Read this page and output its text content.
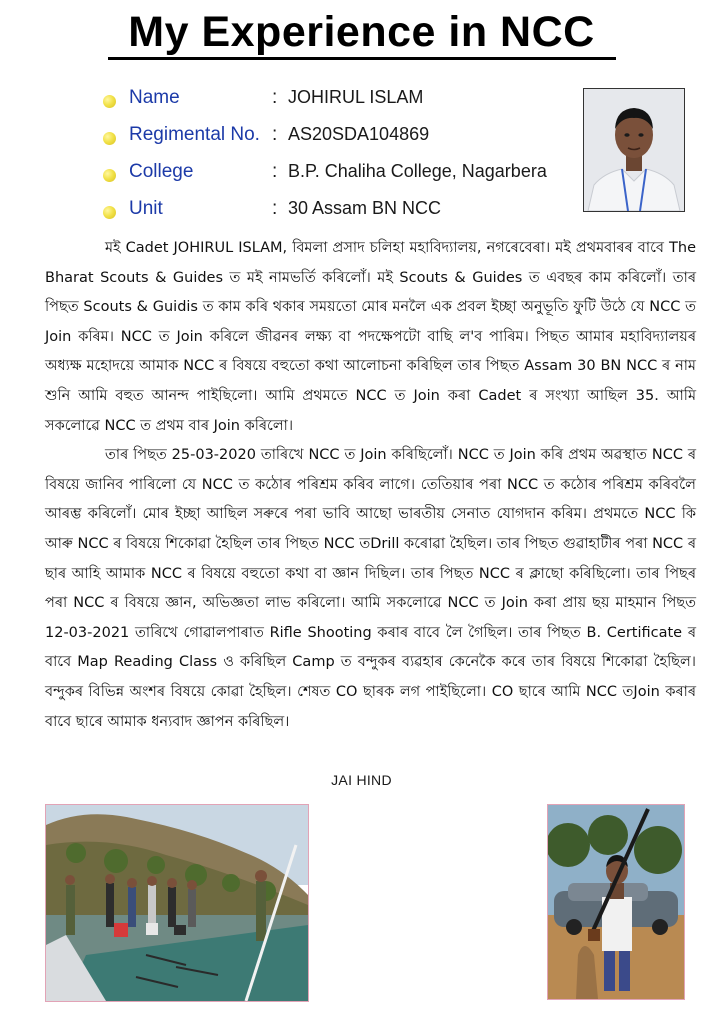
My Experience in NCC
Name	: JOHIRUL ISLAM
Regimental No. : AS20SDA104869
College	: B.P. Chaliha College, Nagarbera
Unit	: 30 Assam BN NCC

মই Cadet JOHIRUL ISLAM, বিমলা প্ৰসাদ চলিহা মহাবিদ্যালয়, নগৰেবেৰা। মই প্ৰথমবাৰৰ বাবে The Bharat Scouts & Guides ত মই নামভৰ্তি কৰিলোঁ। মই Scouts & Guides ত এবছৰ কাম কৰিলোঁ। তাৰ পিছত Scouts & Guidis ত কাম কৰি থকাৰ সময়তো মোৰ মনলৈ এক প্ৰবল ইচ্ছা অনুভূতি ফুটি উঠে যে NCC ত Join কৰিম। NCC ত Join কৰিলে জীৱনৰ লক্ষ্য বা পদক্ষেপটো বাছি ল'ব পাৰিম। পিছত আমাৰ মহাবিদ্যালয়ৰ অধ্যক্ষ মহোদয়ে আমাক NCC ৰ বিষয়ে বহুতো কথা আলোচনা কৰিছিল তাৰ পিছত Assam 30 BN NCC ৰ নাম শুনি আমি বহুত আনন্দ পাইছিলো। আমি প্ৰথমতে NCC ত Join কৰা Cadet ৰ সংখ্যা আছিল 35. আমি সকলোৱে NCC ত প্ৰথম বাৰ Join কৰিলো।

তাৰ পিছত 25-03-2020 তাৰিখে NCC ত Join কৰিছিলোঁ। NCC ত Join কৰি প্ৰথম অৱস্থাত NCC ৰ বিষয়ে জানিব পাৰিলো যে NCC ত কঠোৰ পৰিশ্ৰম কৰিব লাগে। তেতিয়াৰ পৰা NCC ত কঠোৰ পৰিশ্ৰম কৰিবলৈ আৰম্ভ কৰিলোঁ। মোৰ ইচ্ছা আছিল সৰুৰে পৰা ভাবি আছো ভাৰতীয় সেনাত যোগদান কৰিম। প্ৰথমতে NCC কি আৰু NCC ৰ বিষয়ে শিকোৱা হৈছিল তাৰ পিছত NCC তDrill কৰোৱা হৈছিল। তাৰ পিছত গুৱাহাটীৰ পৰা NCC ৰ ছাৰ আহি আমাক NCC ৰ বিষয়ে বহুতো কথা বা জ্ঞান দিছিল। তাৰ পিছত NCC ৰ ক্লাছো কৰিছিলো। তাৰ পিছৰ পৰা NCC ৰ বিষয়ে জ্ঞান, অভিজ্ঞতা লাভ কৰিলো। আমি সকলোৱে NCC ত Join কৰা প্ৰায় ছয় মাহমান পিছত 12-03-2021 তাৰিখে গোৱালপাৰাত Rifle Shooting কৰাৰ বাবে লৈ গৈছিল। তাৰ পিছত B. Certificate ৰ বাবে Map Reading Class ও কৰিছিল Camp ত বন্দুকৰ ব্যৱহাৰ কেনেকৈ কৰে তাৰ বিষয়ে শিকোৱা হৈছিল। বন্দুকৰ বিভিন্ন অংশৰ বিষয়ে কোৱা হৈছিল। শেষত CO ছাৰক লগ পাইছিলো। CO ছাৰে আমি NCC তJoin কৰাৰ বাবে ছাৰে আমাক ধন্যবাদ জ্ঞাপন কৰিছিল।

JAI HIND
